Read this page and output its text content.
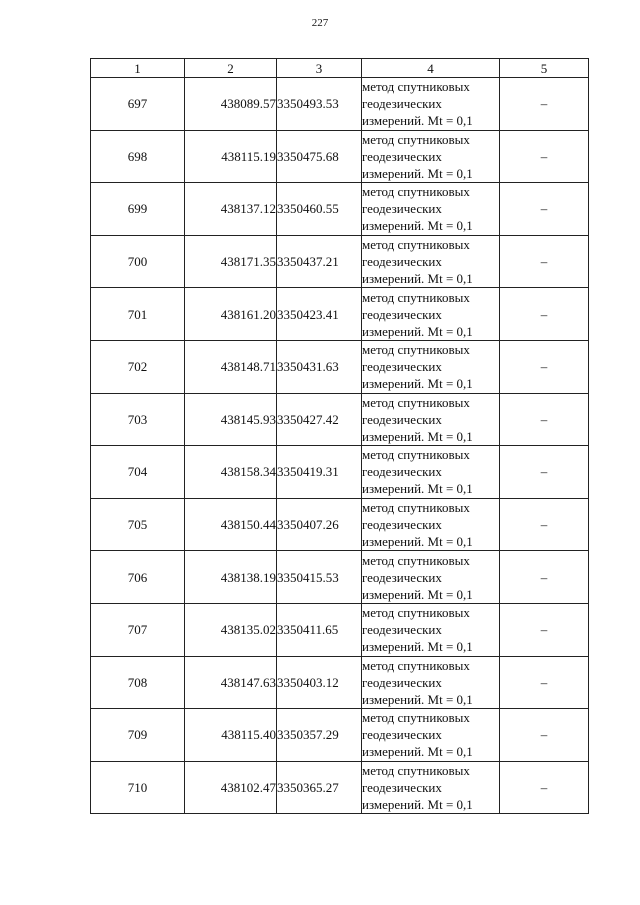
227
1	2	3	4	5
697	438089.57	3350493.53	метод спутниковых
геодезических
измерений. Mt = 0,1	–
698	438115.19	3350475.68	метод спутниковых
геодезических
измерений. Mt = 0,1	–
699	438137.12	3350460.55	метод спутниковых
геодезических
измерений. Mt = 0,1	–
700	438171.35	3350437.21	метод спутниковых
геодезических
измерений. Mt = 0,1	–
701	438161.20	3350423.41	метод спутниковых
геодезических
измерений. Mt = 0,1	–
702	438148.71	3350431.63	метод спутниковых
геодезических
измерений. Mt = 0,1	–
703	438145.93	3350427.42	метод спутниковых
геодезических
измерений. Mt = 0,1	–
704	438158.34	3350419.31	метод спутниковых
геодезических
измерений. Mt = 0,1	–
705	438150.44	3350407.26	метод спутниковых
геодезических
измерений. Mt = 0,1	–
706	438138.19	3350415.53	метод спутниковых
геодезических
измерений. Mt = 0,1	–
707	438135.02	3350411.65	метод спутниковых
геодезических
измерений. Mt = 0,1	–
708	438147.63	3350403.12	метод спутниковых
геодезических
измерений. Mt = 0,1	–
709	438115.40	3350357.29	метод спутниковых
геодезических
измерений. Mt = 0,1	–
710	438102.47	3350365.27	метод спутниковых
геодезических
измерений. Mt = 0,1	–
